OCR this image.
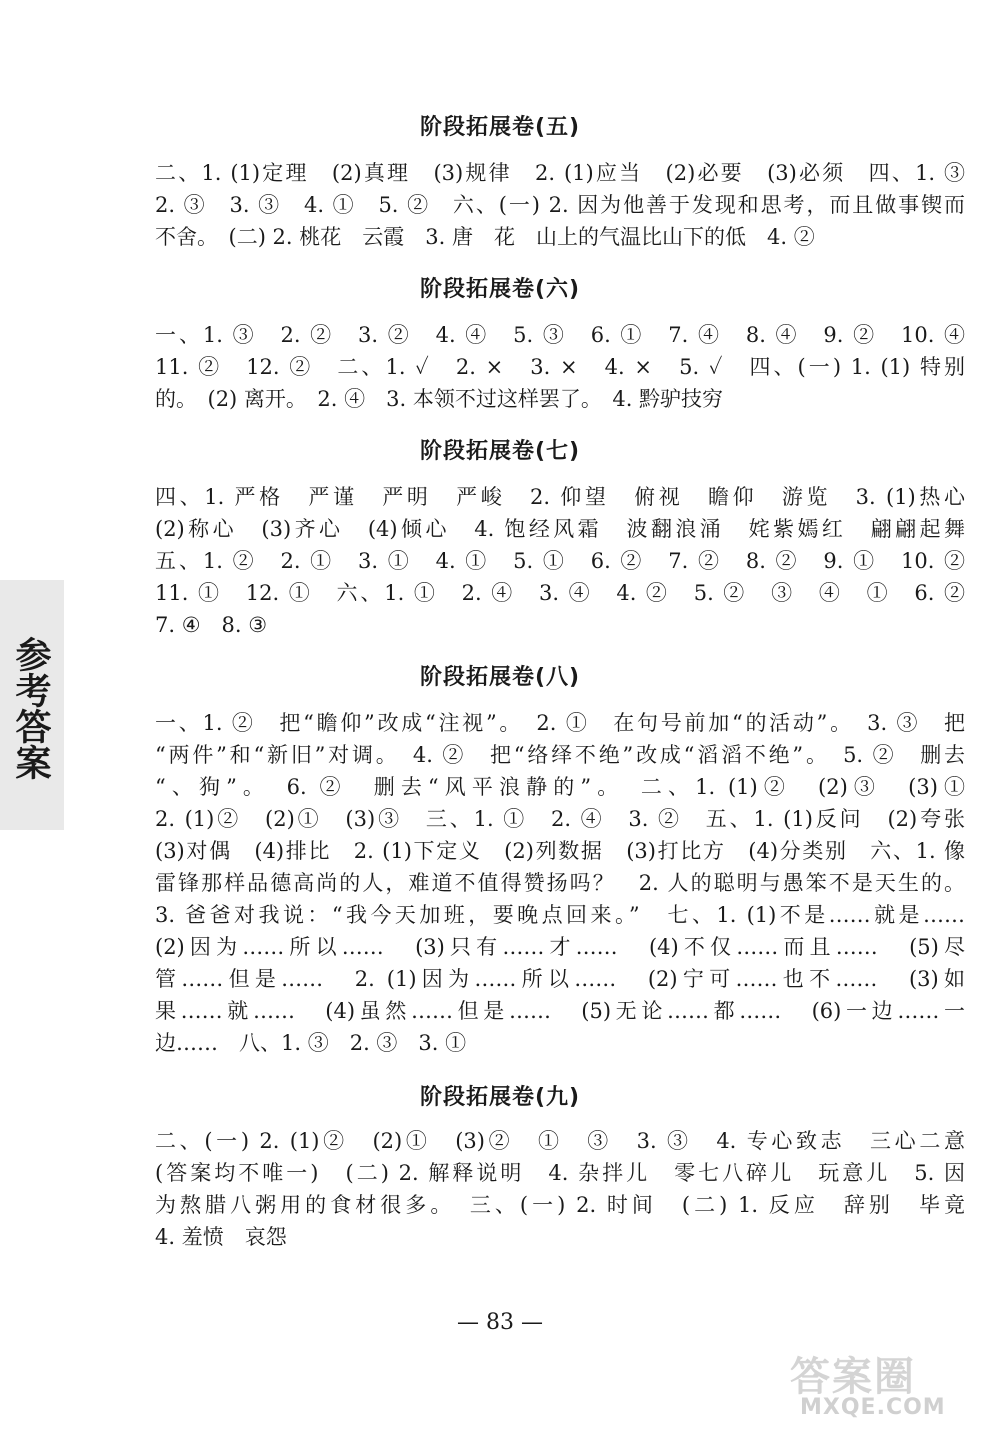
参考答案
阶段拓展卷(五)
二、1. (1)定理　(2)真理　(3)规律　2. (1)应当　(2)必要　(3)必须　四、1. ③
2. ③　3. ③　4. ①　5. ②　六、(一) 2. 因为他善于发现和思考，而且做事锲而
不舍。　(二) 2. 桃花　云霞　3. 唐　花　山上的气温比山下的低　4. ②
阶段拓展卷(六)
一、1. ③　2. ②　3. ②　4. ④　5. ③　6. ①　7. ④　8. ④　9. ②　10. ④
11. ②　12. ②　二、1. ✓　2. ×　3. ×　4. ×　5. ✓　四、(一) 1. (1) 特别
的。　(2) 离开。　2. ④　3. 本领不过这样罢了。　4. 黔驴技穷
阶段拓展卷(七)
四、1. 严格　严谨　严明　严峻　2. 仰望　俯视　瞻仰　游览　3. (1)热心
(2)称心　(3)齐心　(4)倾心　4. 饱经风霜　波翻浪涌　姹紫嫣红　翩翩起舞
五、1. ②　2. ①　3. ①　4. ①　5. ①　6. ②　7. ②　8. ②　9. ①　10. ②
11. ①　12. ①　六、1. ①　2. ④　3. ④　4. ②　5. ②　③　④　①　6. ②
7. ④　8. ③
阶段拓展卷(八)
一、1. ②　把“瞻仰”改成“注视”。　2. ①　在句号前加“的活动”。　3. ③　把
“两件”和“新旧”对调。　4. ②　把“络绎不绝”改成“滔滔不绝”。　5. ②　删去
“、狗”。　6. ②　删去“风平浪静的”。　二、1. (1)②　(2)③　(3)①
2. (1)②　(2)①　(3)③　三、1. ①　2. ④　3. ②　五、1. (1)反问　(2)夸张
(3)对偶　(4)排比　2. (1)下定义　(2)列数据　(3)打比方　(4)分类别　六、1. 像
雷锋那样品德高尚的人，难道不值得赞扬吗？　2. 人的聪明与愚笨不是天生的。
3. 爸爸对我说：“我今天加班，要晚点回来。”　七、1. (1)不是……就是……
(2)因为……所以……　(3)只有……才……　(4)不仅……而且……　(5)尽
管……但是……　2. (1)因为……所以……　(2)宁可……也不……　(3)如
果……就……　(4)虽然……但是……　(5)无论……都……　(6)一边……一
边……　八、1. ③　2. ③　3. ①
阶段拓展卷(九)
二、(一) 2. (1)②　(2)①　(3)②　①　③　3. ③　4. 专心致志　三心二意
(答案均不唯一)　(二) 2. 解释说明　4. 杂拌儿　零七八碎儿　玩意儿　5. 因
为熬腊八粥用的食材很多。　三、(一) 2. 时间　(二) 1. 反应　辞别　毕竟
4. 羞愤　哀怨
— 83 —
答案圈
MXQE.COM
